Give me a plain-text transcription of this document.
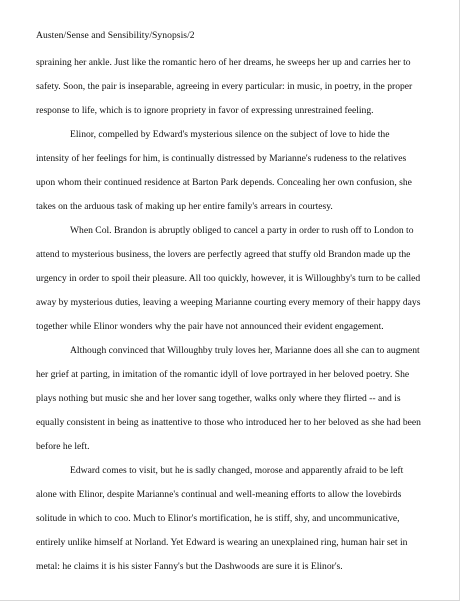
Austen/Sense and Sensibility/Synopsis/2

spraining her ankle. Just like the romantic hero of her dreams, he sweeps her up and carries her to safety. Soon, the pair is inseparable, agreeing in every particular: in music, in poetry, in the proper response to life, which is to ignore propriety in favor of expressing unrestrained feeling.

Elinor, compelled by Edward's mysterious silence on the subject of love to hide the intensity of her feelings for him, is continually distressed by Marianne's rudeness to the relatives upon whom their continued residence at Barton Park depends. Concealing her own confusion, she takes on the arduous task of making up her entire family's arrears in courtesy.

When Col. Brandon is abruptly obliged to cancel a party in order to rush off to London to attend to mysterious business, the lovers are perfectly agreed that stuffy old Brandon made up the urgency in order to spoil their pleasure. All too quickly, however, it is Willoughby's turn to be called away by mysterious duties, leaving a weeping Marianne courting every memory of their happy days together while Elinor wonders why the pair have not announced their evident engagement.

Although convinced that Willoughby truly loves her, Marianne does all she can to augment her grief at parting, in imitation of the romantic idyll of love portrayed in her beloved poetry. She plays nothing but music she and her lover sang together, walks only where they flirted -- and is equally consistent in being as inattentive to those who introduced her to her beloved as she had been before he left.

Edward comes to visit, but he is sadly changed, morose and apparently afraid to be left alone with Elinor, despite Marianne's continual and well-meaning efforts to allow the lovebirds solitude in which to coo. Much to Elinor's mortification, he is stiff, shy, and uncommunicative, entirely unlike himself at Norland. Yet Edward is wearing an unexplained ring, human hair set in metal: he claims it is his sister Fanny's but the Dashwoods are sure it is Elinor's.
